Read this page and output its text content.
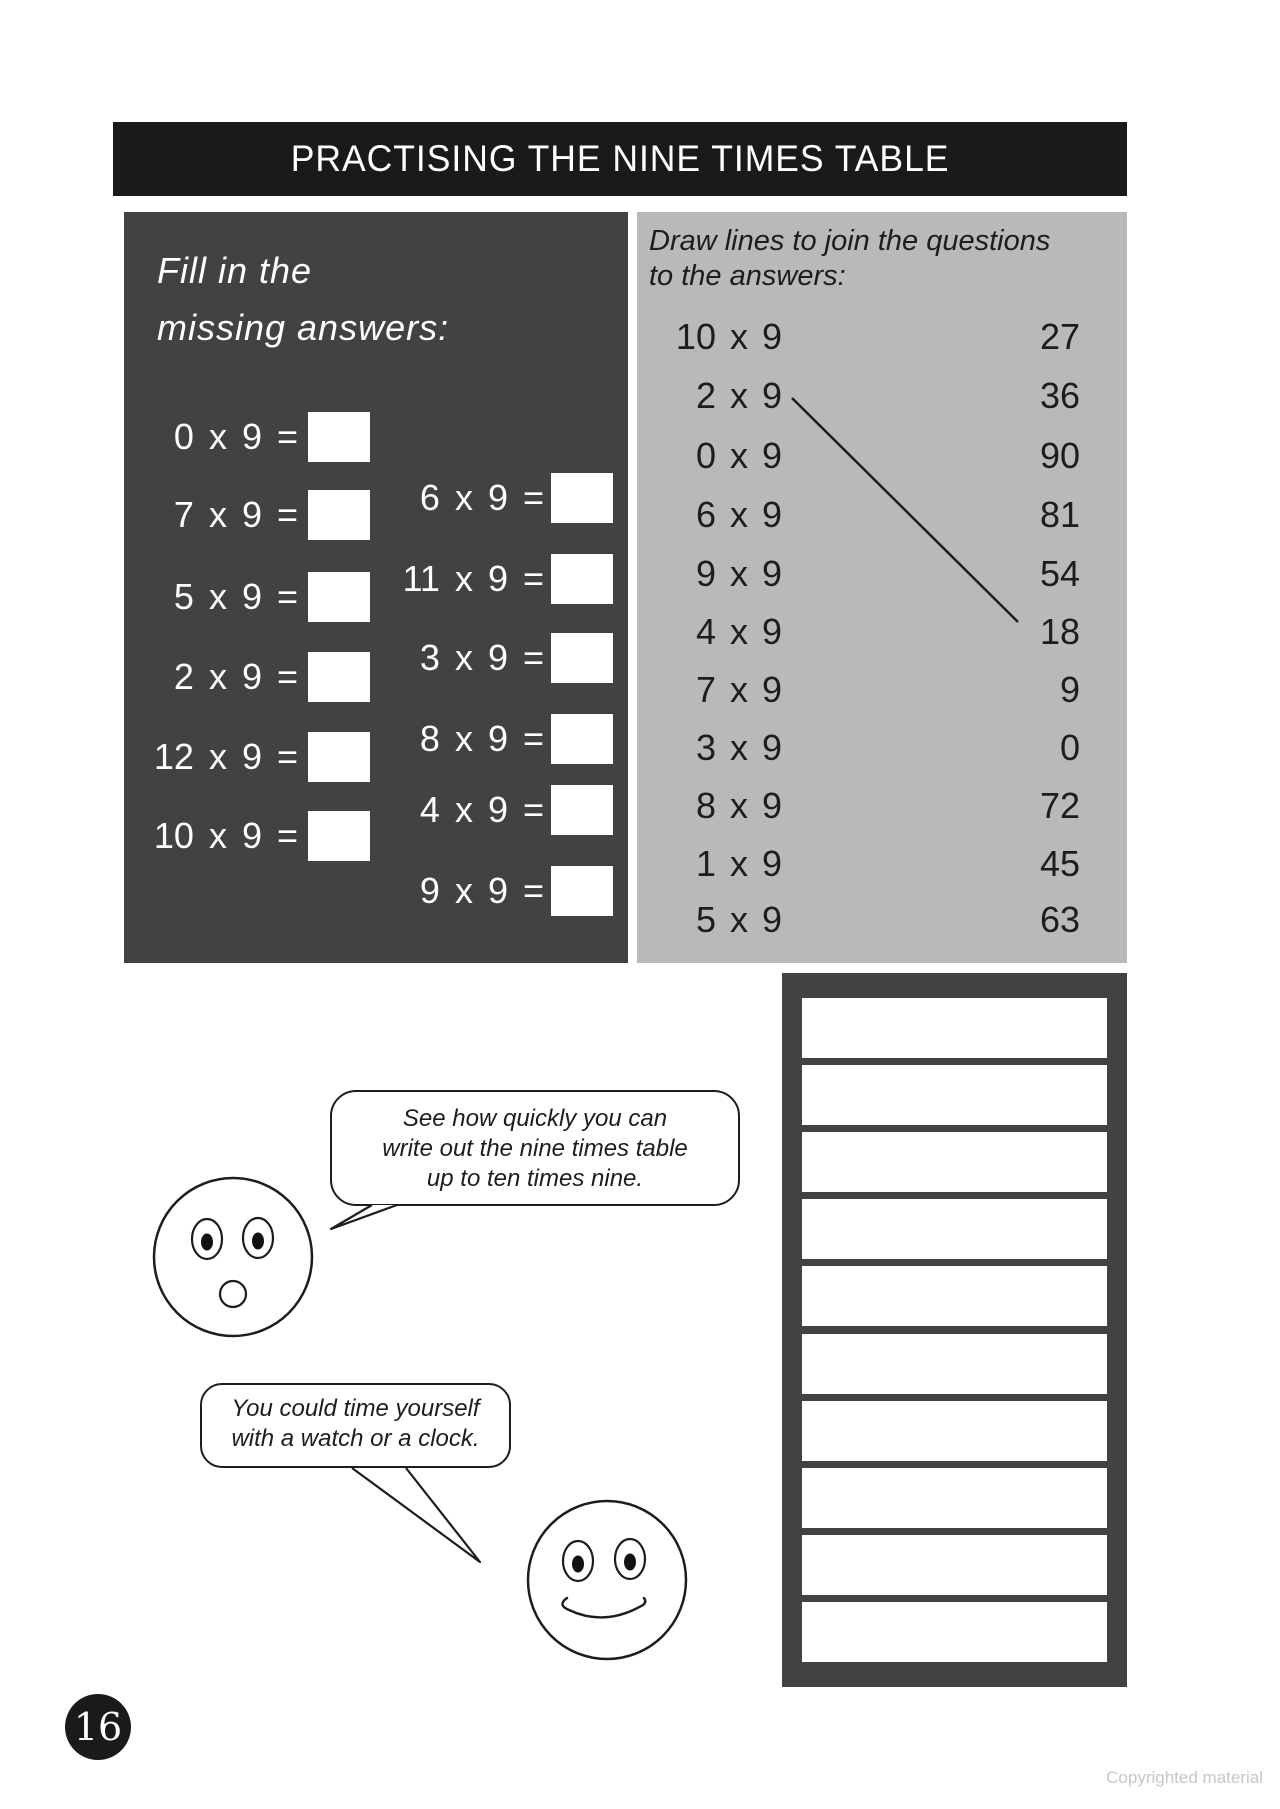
PRACTISING THE NINE TIMES TABLE
Fill in the
missing answers:
0 x 9 =
7 x 9 =
5 x 9 =
2 x 9 =
12 x 9 =
10 x 9 =
6 x 9 =
11 x 9 =
3 x 9 =
8 x 9 =
4 x 9 =
9 x 9 =
Draw lines to join the questions
to the answers:
10 x 9	27
2 x 9	36
0 x 9	90
6 x 9	81
9 x 9	54
4 x 9	18
7 x 9	9
3 x 9	0
8 x 9	72
1 x 9	45
5 x 9	63
See how quickly you can
write out the nine times table
up to ten times nine.
You could time yourself
with a watch or a clock.
16
Copyrighted material
